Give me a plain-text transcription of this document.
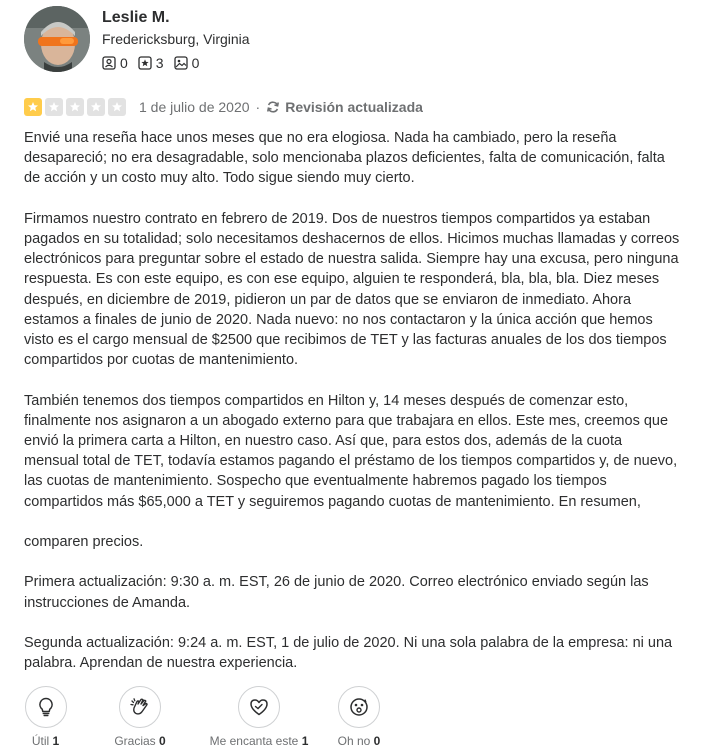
Leslie M.
Fredericksburg, Virginia
0 3 0
1 de julio de 2020 · Revisión actualizada

Envié una reseña hace unos meses que no era elogiosa. Nada ha cambiado, pero la reseña desapareció; no era desagradable, solo mencionaba plazos deficientes, falta de comunicación, falta de acción y un costo muy alto. Todo sigue siendo muy cierto.

Firmamos nuestro contrato en febrero de 2019. Dos de nuestros tiempos compartidos ya estaban pagados en su totalidad; solo necesitamos deshacernos de ellos. Hicimos muchas llamadas y correos electrónicos para preguntar sobre el estado de nuestra salida. Siempre hay una excusa, pero ninguna respuesta. Es con este equipo, es con ese equipo, alguien te responderá, bla, bla, bla. Diez meses después, en diciembre de 2019, pidieron un par de datos que se enviaron de inmediato. Ahora estamos a finales de junio de 2020. Nada nuevo: no nos contactaron y la única acción que hemos visto es el cargo mensual de $2500 que recibimos de TET y las facturas anuales de los dos tiempos compartidos por cuotas de mantenimiento.

También tenemos dos tiempos compartidos en Hilton y, 14 meses después de comenzar esto, finalmente nos asignaron a un abogado externo para que trabajara en ellos. Este mes, creemos que envió la primera carta a Hilton, en nuestro caso. Así que, para estos dos, además de la cuota mensual total de TET, todavía estamos pagando el préstamo de los tiempos compartidos y, de nuevo, las cuotas de mantenimiento. Sospecho que eventualmente habremos pagado los tiempos compartidos más $65,000 a TET y seguiremos pagando cuotas de mantenimiento. En resumen,

comparen precios.

Primera actualización: 9:30 a. m. EST, 26 de junio de 2020. Correo electrónico enviado según las instrucciones de Amanda.

Segunda actualización: 9:24 a. m. EST, 1 de julio de 2020. Ni una sola palabra de la empresa: ni una palabra. Aprendan de nuestra experiencia.

Útil 1	Gracias 0	Me encanta este 1 Oh no 0
